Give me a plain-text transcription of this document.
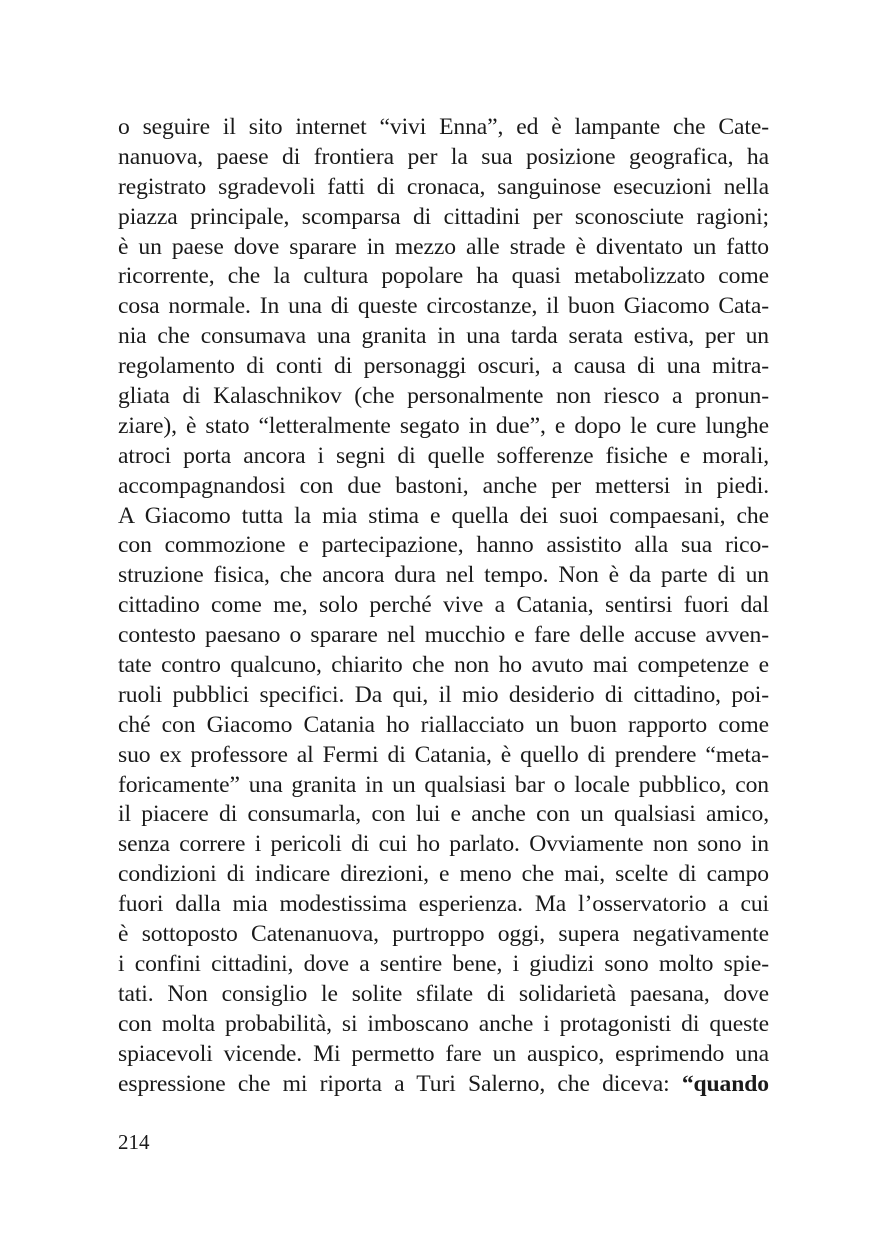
o seguire il sito internet “vivi Enna”, ed è lampante che Cate-
nanuova, paese di frontiera per la sua posizione geografica, ha
registrato sgradevoli fatti di cronaca, sanguinose esecuzioni nella
piazza principale, scomparsa di cittadini per sconosciute ragioni;
è un paese dove sparare in mezzo alle strade è diventato un fatto
ricorrente, che la cultura popolare ha quasi metabolizzato come
cosa normale. In una di queste circostanze, il buon Giacomo Cata-
nia che consumava una granita in una tarda serata estiva, per un
regolamento di conti di personaggi oscuri, a causa di una mitra-
gliata di Kalaschnikov (che personalmente non riesco a pronun-
ziare), è stato “letteralmente segato in due”, e dopo le cure lunghe
atroci porta ancora i segni di quelle sofferenze fisiche e morali,
accompagnandosi con due bastoni, anche per mettersi in piedi.
A Giacomo tutta la mia stima e quella dei suoi compaesani, che
con commozione e partecipazione, hanno assistito alla sua rico-
struzione fisica, che ancora dura nel tempo. Non è da parte di un
cittadino come me, solo perché vive a Catania, sentirsi fuori dal
contesto paesano o sparare nel mucchio e fare delle accuse avven-
tate contro qualcuno, chiarito che non ho avuto mai competenze e
ruoli pubblici specifici. Da qui, il mio desiderio di cittadino, poi-
ché con Giacomo Catania ho riallacciato un buon rapporto come
suo ex professore al Fermi di Catania, è quello di prendere “meta-
foricamente” una granita in un qualsiasi bar o locale pubblico, con
il piacere di consumarla, con lui e anche con un qualsiasi amico,
senza correre i pericoli di cui ho parlato. Ovviamente non sono in
condizioni di indicare direzioni, e meno che mai, scelte di campo
fuori dalla mia modestissima esperienza. Ma l’osservatorio a cui
è sottoposto Catenanuova, purtroppo oggi, supera negativamente
i confini cittadini, dove a sentire bene, i giudizi sono molto spie-
tati. Non consiglio le solite sfilate di solidarietà paesana, dove
con molta probabilità, si imboscano anche i protagonisti di queste
spiacevoli vicende. Mi permetto fare un auspico, esprimendo una
espressione che mi riporta a Turi Salerno, che diceva: “quando
214
